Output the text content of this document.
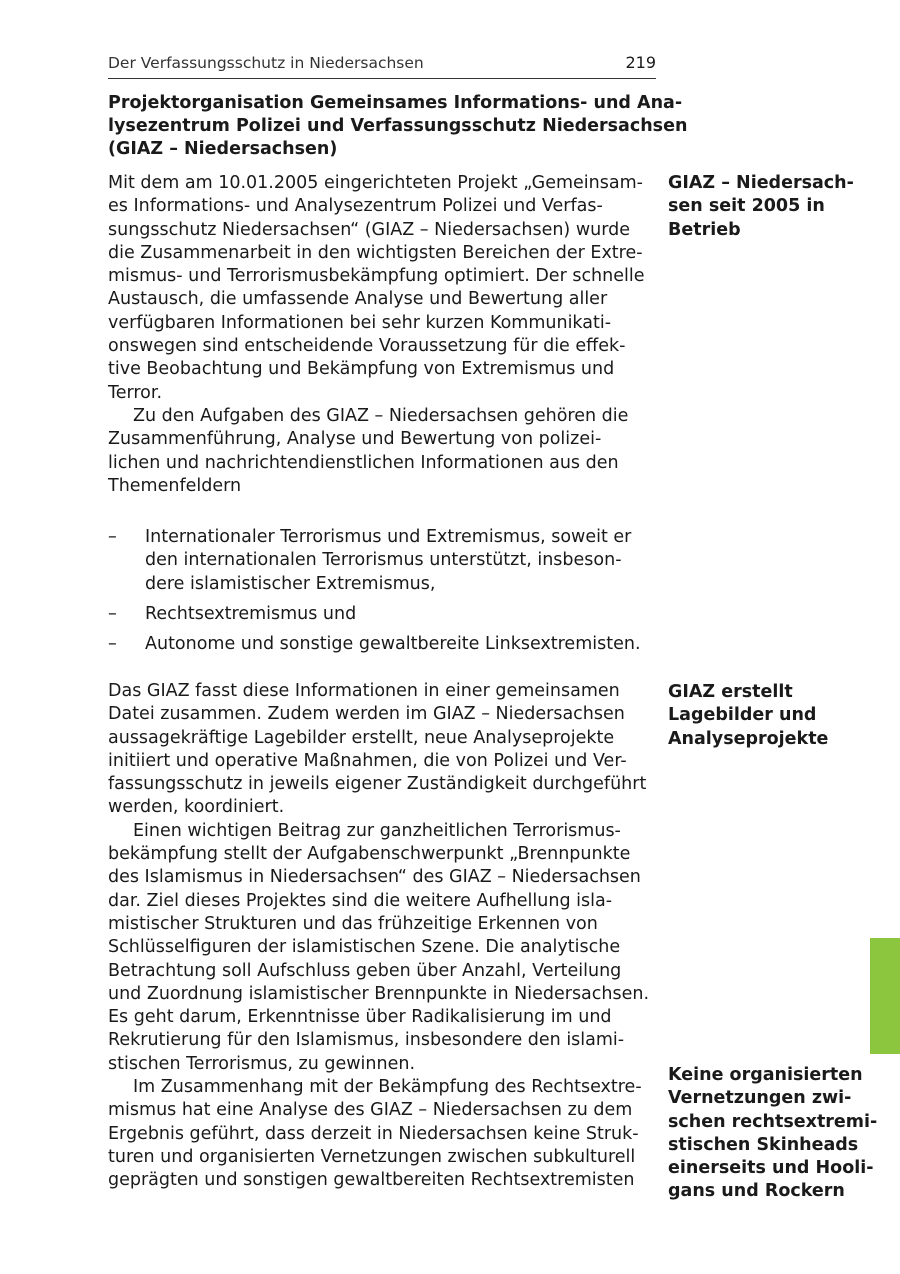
Der Verfassungsschutz in Niedersachsen	219
Projektorganisation Gemeinsames Informations- und Ana-
lysezentrum Polizei und Verfassungsschutz Niedersachsen
(GIAZ – Niedersachsen)
Mit dem am 10.01.2005 eingerichteten Projekt „Gemeinsam-
es Informations- und Analysezentrum Polizei und Verfas-
sungsschutz Niedersachsen“ (GIAZ – Niedersachsen) wurde
die Zusammenarbeit in den wichtigsten Bereichen der Extre-
mismus- und Terrorismusbekämpfung optimiert. Der schnelle
Austausch, die umfassende Analyse und Bewertung aller
verfügbaren Informationen bei sehr kurzen Kommunikati-
onswegen sind entscheidende Voraussetzung für die effek-
tive Beobachtung und Bekämpfung von Extremismus und
Terror.
Zu den Aufgaben des GIAZ – Niedersachsen gehören die
Zusammenführung, Analyse und Bewertung von polizei-
lichen und nachrichtendienstlichen Informationen aus den
Themenfeldern
– Internationaler Terrorismus und Extremismus, soweit er
den internationalen Terrorismus unterstützt, insbeson-
dere islamistischer Extremismus,
– Rechtsextremismus und
– Autonome und sonstige gewaltbereite Linksextremisten.
Das GIAZ fasst diese Informationen in einer gemeinsamen
Datei zusammen. Zudem werden im GIAZ – Niedersachsen
aussagekräftige Lagebilder erstellt, neue Analyseprojekte
initiiert und operative Maßnahmen, die von Polizei und Ver-
fassungsschutz in jeweils eigener Zuständigkeit durchgeführt
werden, koordiniert.
Einen wichtigen Beitrag zur ganzheitlichen Terrorismus-
bekämpfung stellt der Aufgabenschwerpunkt „Brennpunkte
des Islamismus in Niedersachsen“ des GIAZ – Niedersachsen
dar. Ziel dieses Projektes sind die weitere Aufhellung isla-
mistischer Strukturen und das frühzeitige Erkennen von
Schlüsselfiguren der islamistischen Szene. Die analytische
Betrachtung soll Aufschluss geben über Anzahl, Verteilung
und Zuordnung islamistischer Brennpunkte in Niedersachsen.
Es geht darum, Erkenntnisse über Radikalisierung im und
Rekrutierung für den Islamismus, insbesondere den islami-
stischen Terrorismus, zu gewinnen.
Im Zusammenhang mit der Bekämpfung des Rechtsextre-
mismus hat eine Analyse des GIAZ – Niedersachsen zu dem
Ergebnis geführt, dass derzeit in Niedersachsen keine Struk-
turen und organisierten Vernetzungen zwischen subkulturell
geprägten und sonstigen gewaltbereiten Rechtsextremisten
GIAZ – Niedersach-
sen seit 2005 in
Betrieb
GIAZ erstellt
Lagebilder und
Analyseprojekte
Keine organisierten
Vernetzungen zwi-
schen rechtsextremi-
stischen Skinheads
einerseits und Hooli-
gans und Rockern
